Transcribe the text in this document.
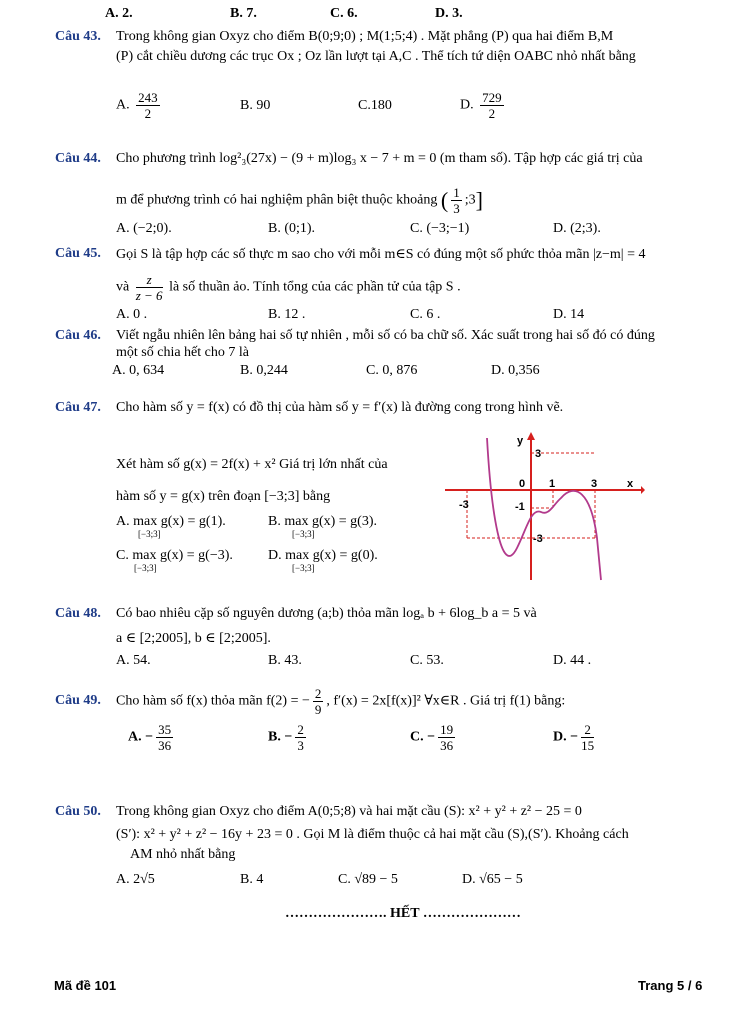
A. 2.	B. 7.	C. 6.	D. 3.
Câu 43. Trong không gian Oxyz cho điểm B(0;9;0) ; M(1;5;4) . Mặt phẳng (P) qua hai điểm B,M
(P) cắt chiều dương các trục Ox ; Oz lần lượt tại A,C . Thể tích tứ diện OABC nhỏ nhất bằng
A. $\frac{243}{2}$	B. 90	C.180	D. $\frac{729}{2}$
Câu 44. Cho phương trình log²₃(27x) − (9 + m)log₃ x − 7 + m = 0 (m tham số). Tập hợp các giá trị của
m để phương trình có hai nghiệm phân biệt thuộc khoảng ( $\frac{1}{3}$ ;3]
A. (−2;0).	B. (0;1).	C. (−3;−1)	D. (2;3).
Câu 45. Gọi S là tập hợp các số thực m sao cho với mỗi m∈S có đúng một số phức thỏa mãn |z−m| = 4
và $\frac{z}{z - 6}$ là số thuần ảo. Tính tổng của các phần tử của tập S .
A. 0 .	B. 12 .	C. 6 .	D. 14
Câu 46. Viết ngẫu nhiên lên bảng hai số tự nhiên , mỗi số có ba chữ số. Xác suất trong hai số đó có đúng
một số chia hết cho 7 là
A. 0, 634	B. 0,244	C. 0, 876	D. 0,356
Câu 47. Cho hàm số y = f(x) có đồ thị của hàm số y = f′(x) là đường cong trong hình vẽ.
Xét hàm số g(x) = 2f(x) + x² Giá trị lớn nhất của
hàm số y = g(x) trên đoạn [−3;3] bằng
A. max g(x) = g(1).	B. max g(x) = g(3).
C. max g(x) = g(−3).	D. max g(x) = g(0).
[−3;3]	[−3;3]
[−3;3]	[−3;3]
y
3
0 1	3	x
-3	-1
-3
Câu 48. Có bao nhiêu cặp số nguyên dương (a;b) thỏa mãn logₐ b + 6log_b a = 5 và
a ∈ [2;2005], b ∈ [2;2005].
A. 54.	B. 43.	C. 53.	D. 44 .
Câu 49. Cho hàm số f(x) thỏa mãn f(2) = − $\frac{2}{9}$ , f′(x) = 2x[f(x)]² ∀x∈R . Giá trị f(1) bằng:
A. − $\frac{35}{36}$	B. − $\frac{2}{3}$	C. − $\frac{19}{36}$	D. − $\frac{2}{15}$
Câu 50. Trong không gian Oxyz cho điểm A(0;5;8) và hai mặt cầu (S): x² + y² + z² − 25 = 0
(S′): x² + y² + z² − 16y + 23 = 0 . Gọi M là điểm thuộc cả hai mặt cầu (S),(S′). Khoảng cách
AM nhỏ nhất bằng
A. 2√5	B. 4	C. √89 − 5	D. √65 − 5
…………………. HẾT …………………
Mã đề 101	Trang 5 / 6
